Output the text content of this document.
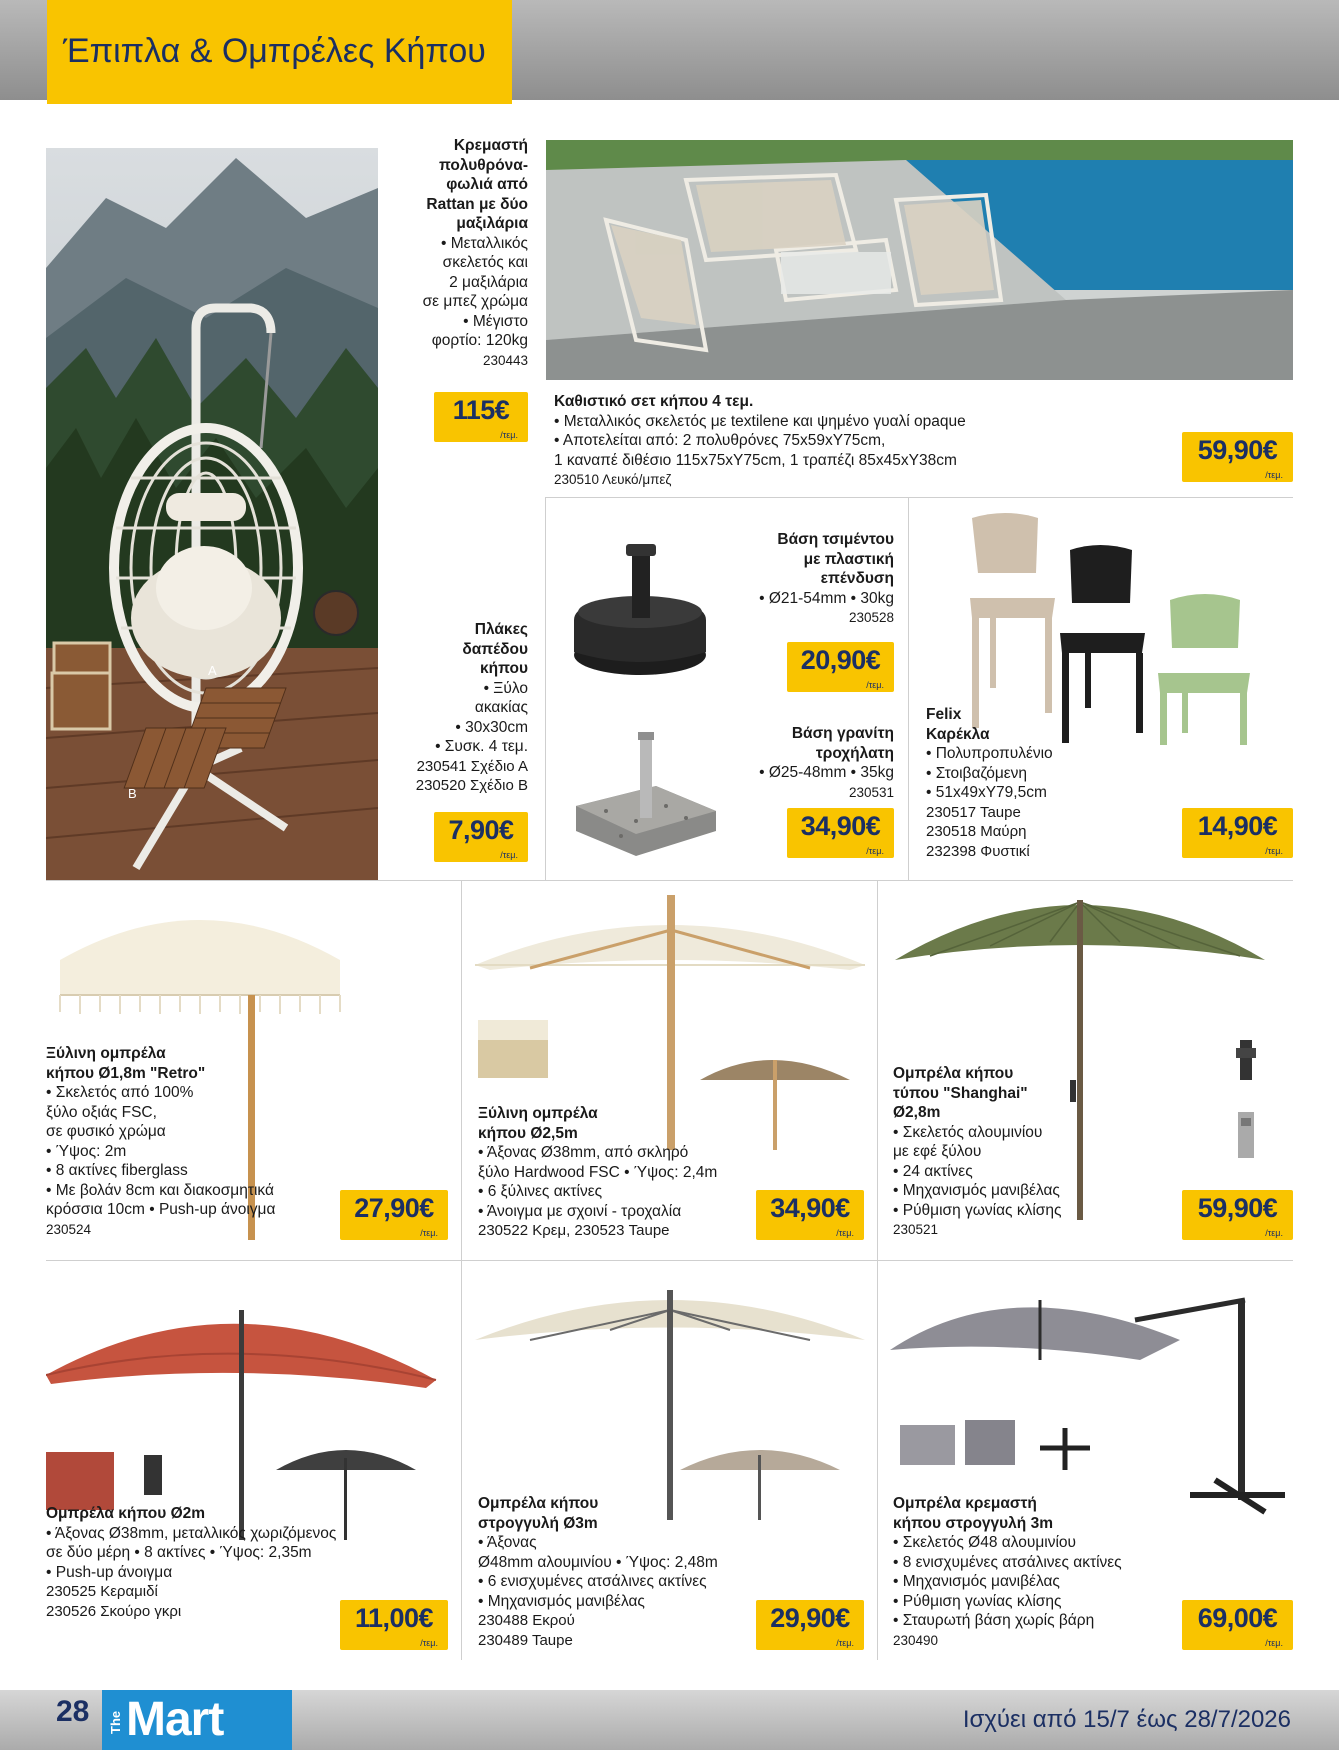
Έπιπλα & Ομπρέλες Κήπου
A
B
Κρεμαστή
πολυθρόνα-
φωλιά από
Rattan με δύο
μαξιλάρια
• Μεταλλικός
σκελετός και
2 μαξιλάρια
σε μπεζ χρώμα
• Μέγιστο
φορτίο: 120kg
230443
115€
/τεμ.
Καθιστικό σετ κήπου 4 τεμ.
• Μεταλλικός σκελετός με textilene και ψημένο γυαλί opaque
• Αποτελείται από: 2 πολυθρόνες 75x59xY75cm,
1 καναπέ διθέσιο 115x75xY75cm, 1 τραπέζι 85x45xY38cm
230510 Λευκό/μπεζ
59,90€
/τεμ.
Πλάκες
δαπέδου
κήπου
• Ξύλο
ακακίας
• 30x30cm
• Συσκ. 4 τεμ.
230541 Σχέδιο Α
230520 Σχέδιο Β
7,90€
/τεμ.
Βάση τσιμέντου
με πλαστική
επένδυση
• Ø21-54mm • 30kg
230528
20,90€
/τεμ.
Βάση γρανίτη
τροχήλατη
• Ø25-48mm • 35kg
230531
34,90€
/τεμ.
Felix
Καρέκλα
• Πολυπροπυλένιο
• Στοιβαζόμενη
• 51x49xY79,5cm
230517 Taupe
230518 Μαύρη
232398 Φυστικί
14,90€
/τεμ.
Ξύλινη ομπρέλα
κήπου Ø1,8m "Retro"
• Σκελετός από 100%
ξύλο οξιάς FSC,
σε φυσικό χρώμα
• Ύψος: 2m
• 8 ακτίνες fiberglass
• Με βολάν 8cm και διακοσμητικά
κρόσσια 10cm • Push-up άνοιγμα
230524
27,90€
/τεμ.
Ξύλινη ομπρέλα
κήπου Ø2,5m
• Άξονας Ø38mm, από σκληρό
ξύλο Hardwood FSC • Ύψος: 2,4m
• 6 ξύλινες ακτίνες
• Άνοιγμα με σχοινί - τροχαλία
230522 Κρεμ, 230523 Taupe
34,90€
/τεμ.
Ομπρέλα κήπου
τύπου "Shanghai"
Ø2,8m
• Σκελετός αλουμινίου
με εφέ ξύλου
• 24 ακτίνες
• Μηχανισμός μανιβέλας
• Ρύθμιση γωνίας κλίσης
230521
59,90€
/τεμ.
Ομπρέλα κήπου Ø2m
• Άξονας Ø38mm, μεταλλικός χωριζόμενος
σε δύο μέρη • 8 ακτίνες • Ύψος: 2,35m
• Push-up άνοιγμα
230525 Κεραμιδί
230526 Σκούρο γκρι	11,00€
/τεμ.
Ομπρέλα κήπου
στρογγυλή Ø3m
• Άξονας
Ø48mm αλουμινίου • Ύψος: 2,48m
• 6 ενισχυμένες ατσάλινες ακτίνες
• Μηχανισμός μανιβέλας
230488 Εκρού
230489 Taupe
29,90€
/τεμ.
Ομπρέλα κρεμαστή
κήπου στρογγυλή 3m
• Σκελετός Ø48 αλουμινίου
• 8 ενισχυμένες ατσάλινες ακτίνες
• Μηχανισμός μανιβέλας
• Ρύθμιση γωνίας κλίσης
• Σταυρωτή βάση χωρίς βάρη
230490
69,00€
/τεμ.
28 The Mart	Ισχύει από 15/7 έως 28/7/2026
